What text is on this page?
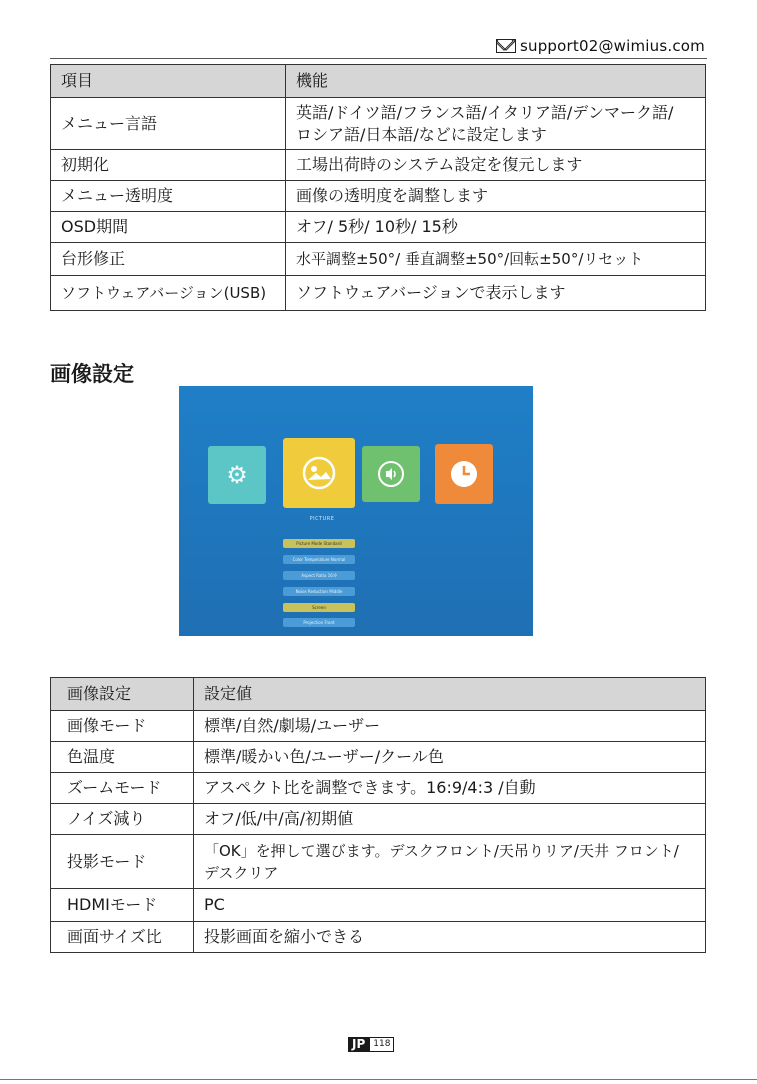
support02@wimius.com
項目	機能
メニュー言語	英語/ドイツ語/フランス語/イタリア語/デンマーク語/
ロシア語/日本語/などに設定します
初期化	工場出荷時のシステム設定を復元します
メニュー透明度	画像の透明度を調整します
OSD期間	オフ/ 5秒/ 10秒/ 15秒
台形修正	水平調整±50°/ 垂直調整±50°/回転±50°/リセット
ソフトウェアバージョン(USB)	ソフトウェアバージョンで表示します
画像設定
⚙
PICTURE
Picture Mode Standard
Color Temperature Normal
Aspect Ratio 16:9
Noise Reduction Middle
Screen
Projection Front
画像設定	設定値
画像モード	標準/自然/劇場/ユーザー
色温度	標準/暖かい色/ユーザー/クール色
ズームモード	アスペクト比を調整できます。16:9/4:3 /自動
ノイズ減り	オフ/低/中/高/初期値
投影モード	「OK」を押して選びます。デスクフロント/天吊りリア/天井 フロント/
デスクリア
HDMIモード	PC
画面サイズ比	投影画面を縮小できる
JP 118
